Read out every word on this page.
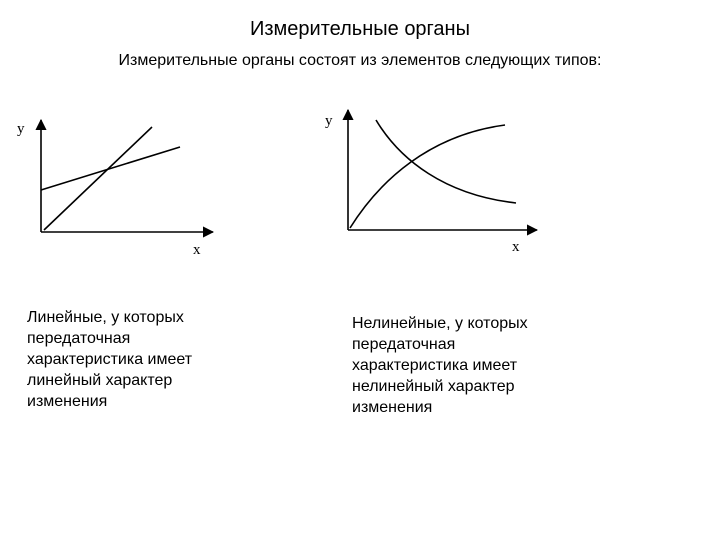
Измерительные органы
Измерительные органы состоят из элементов следующих типов:
y
x
y
x
Линейные, у которых
передаточная
характеристика имеет
линейный характер
изменения
Нелинейные, у которых
передаточная
характеристика имеет
нелинейный характер
изменения
